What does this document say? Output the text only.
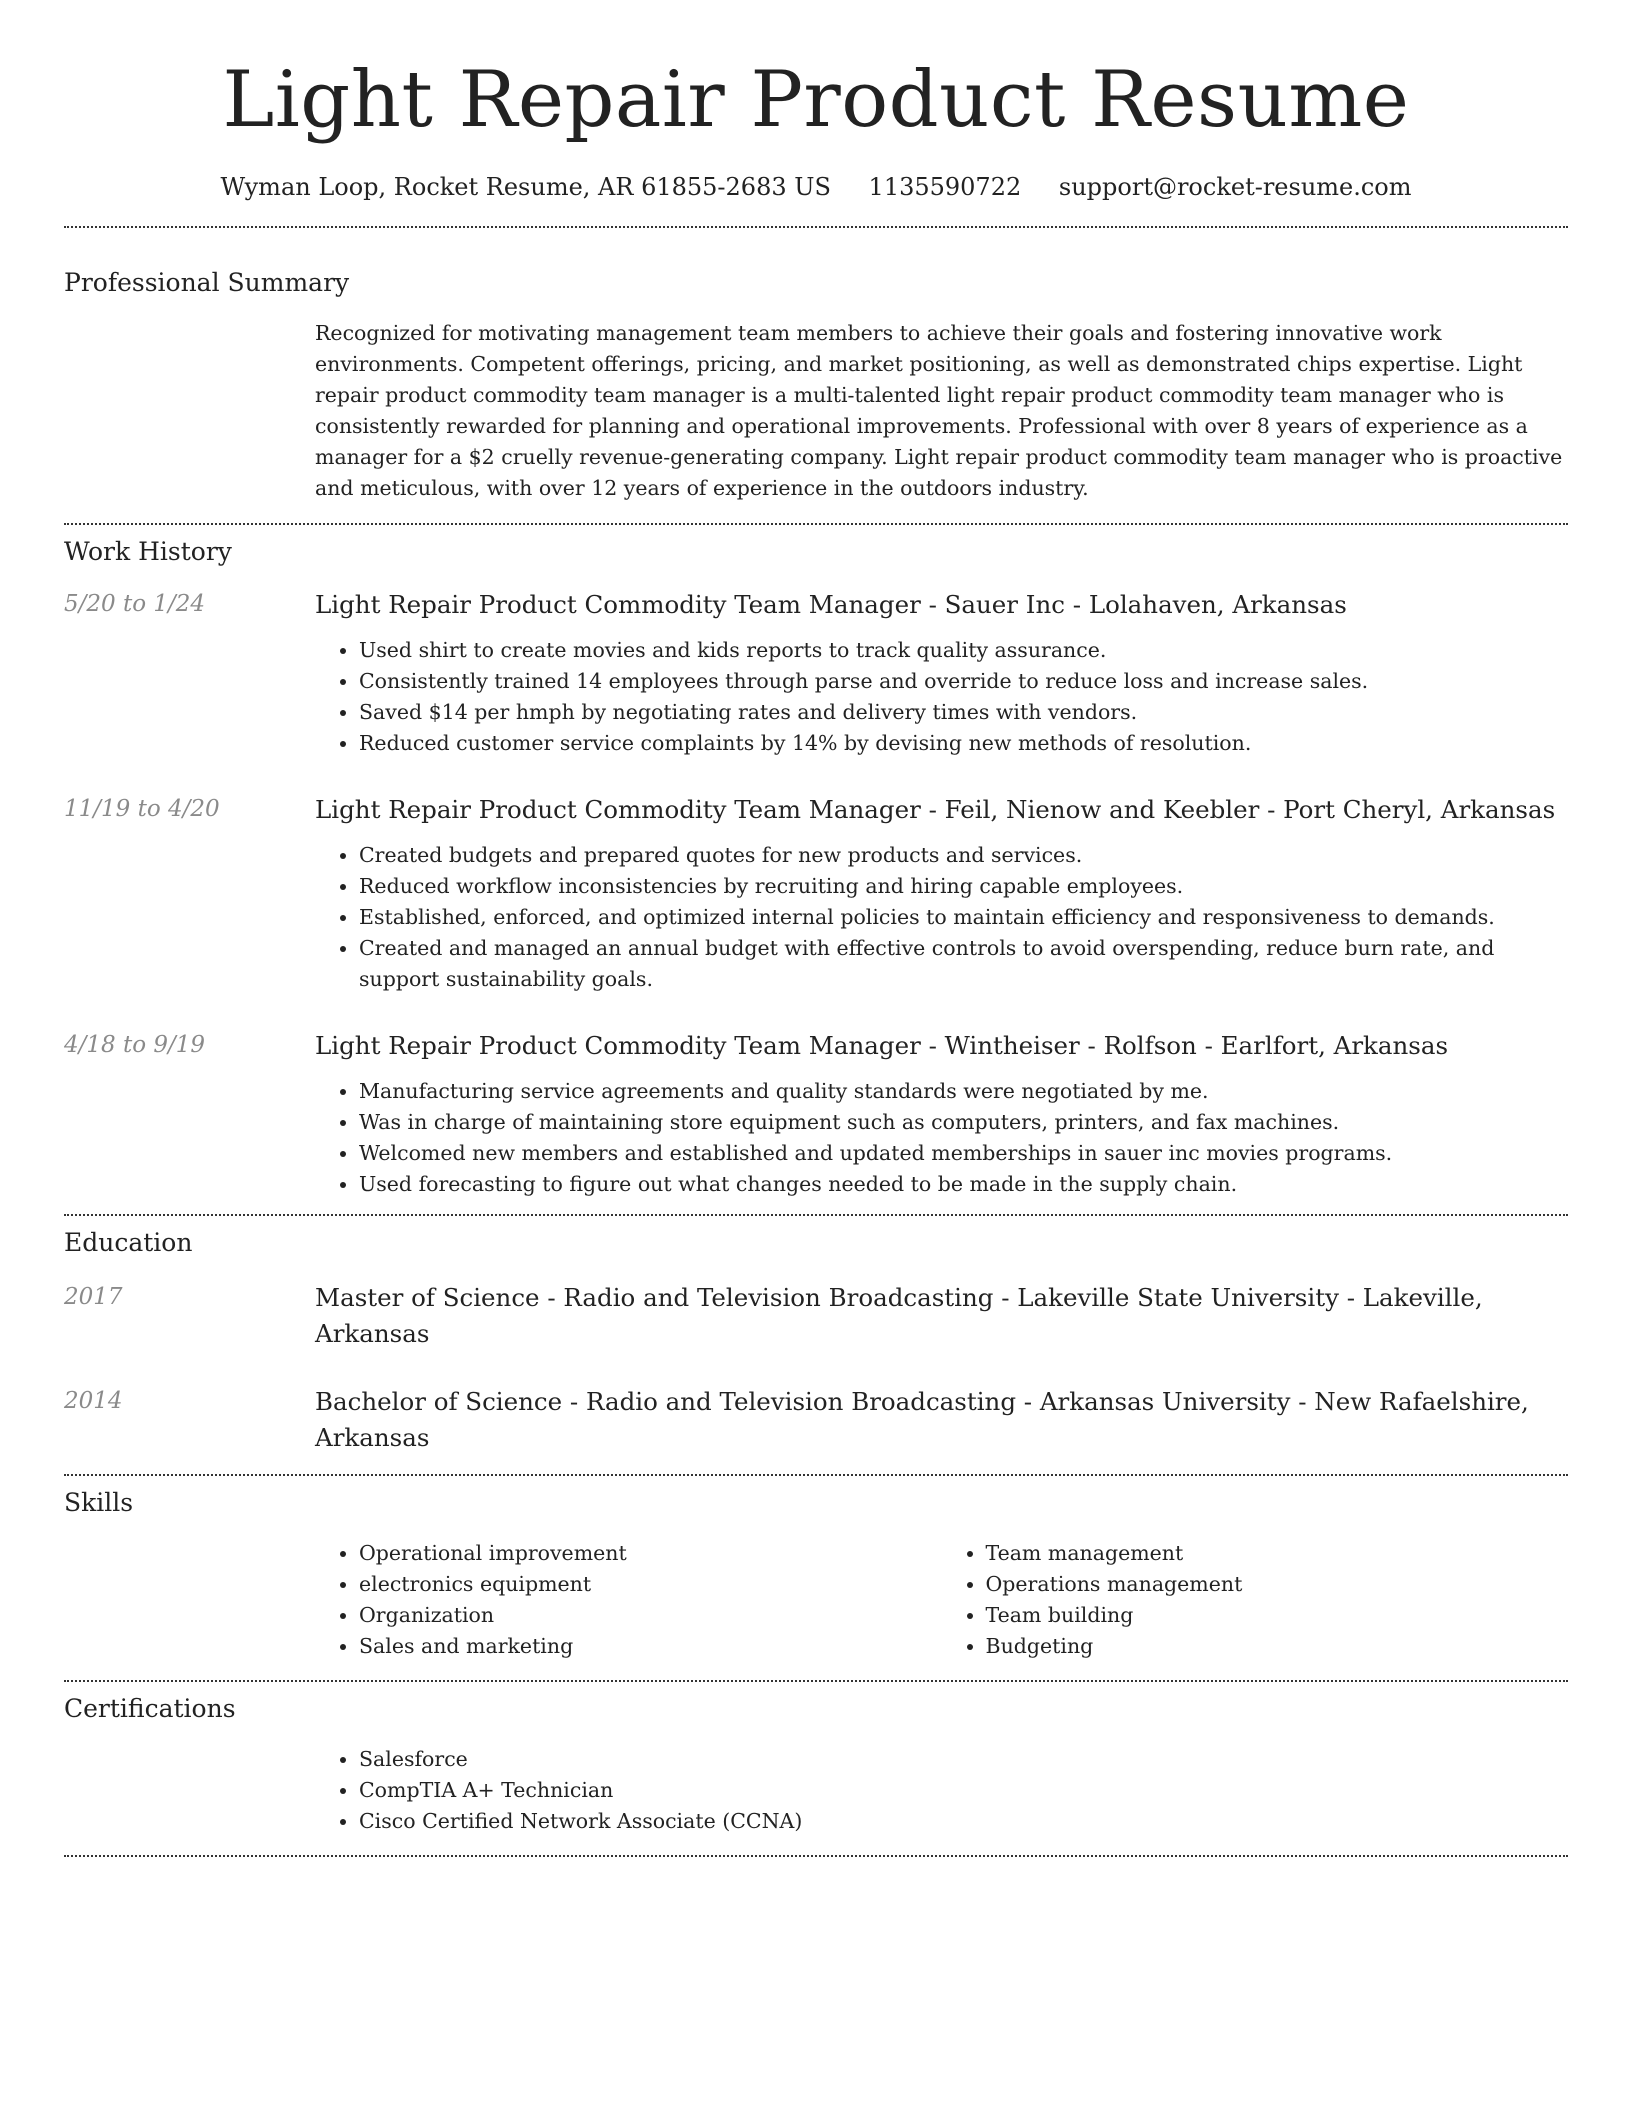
Light Repair Product Resume
Wyman Loop, Rocket Resume, AR 61855-2683 US 1135590722 support@rocket-resume.com
Professional Summary
Recognized for motivating management team members to achieve their goals and fostering innovative work environments. Competent offerings, pricing, and market positioning, as well as demonstrated chips expertise. Light repair product commodity team manager is a multi-talented light repair product commodity team manager who is consistently rewarded for planning and operational improvements. Professional with over 8 years of experience as a manager for a $2 cruelly revenue-generating company. Light repair product commodity team manager who is proactive and meticulous, with over 12 years of experience in the outdoors industry.
Work History
5/20 to 1/24	Light Repair Product Commodity Team Manager - Sauer Inc - Lolahaven, Arkansas
• Used shirt to create movies and kids reports to track quality assurance.
• Consistently trained 14 employees through parse and override to reduce loss and increase sales.
• Saved $14 per hmph by negotiating rates and delivery times with vendors.
• Reduced customer service complaints by 14% by devising new methods of resolution.
11/19 to 4/20	Light Repair Product Commodity Team Manager - Feil, Nienow and Keebler - Port Cheryl, Arkansas
• Created budgets and prepared quotes for new products and services.
• Reduced workflow inconsistencies by recruiting and hiring capable employees.
• Established, enforced, and optimized internal policies to maintain efficiency and responsiveness to demands.
• Created and managed an annual budget with effective controls to avoid overspending, reduce burn rate, and support sustainability goals.
4/18 to 9/19	Light Repair Product Commodity Team Manager - Wintheiser - Rolfson - Earlfort, Arkansas
• Manufacturing service agreements and quality standards were negotiated by me.
• Was in charge of maintaining store equipment such as computers, printers, and fax machines.
• Welcomed new members and established and updated memberships in sauer inc movies programs.
• Used forecasting to figure out what changes needed to be made in the supply chain.
Education
2017	Master of Science - Radio and Television Broadcasting - Lakeville State University - Lakeville, Arkansas
2014	Bachelor of Science - Radio and Television Broadcasting - Arkansas University - New Rafaelshire, Arkansas
Skills
• Operational improvement
• electronics equipment
• Organization
• Sales and marketing
• Team management
• Operations management
• Team building
• Budgeting
Certifications
• Salesforce
• CompTIA A+ Technician
• Cisco Certified Network Associate (CCNA)
